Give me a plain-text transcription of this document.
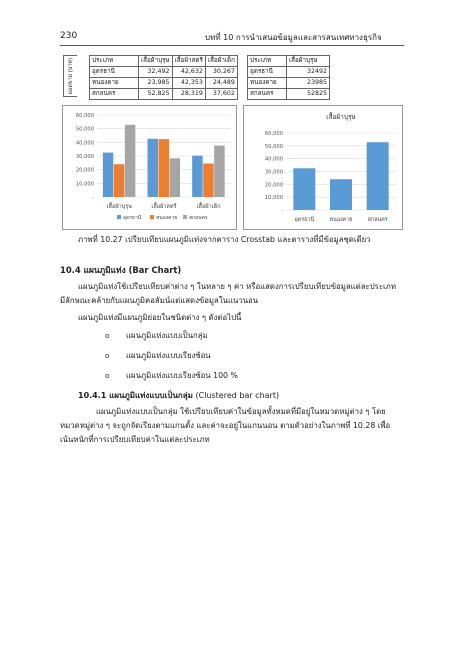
230	บทที่ 10 การนำเสนอข้อมูลและสารสนเทศทางธุรกิจ
ยอดขาย (บาท)	ประเภท	เสื้อผ้าบุรุษ	เสื้อผ้าสตรี	เสื้อผ้าเด็ก
อุดรธานี	32,492	42,632	30,267
หนองคาย	23,985	42,353	24,489
สกลนคร	52,825	28,319	37,602
ประเภท	เสื้อผ้าบุรุษ
อุดรธานี	32492
หนองคาย	23985
สกลนคร	52825
60,000
50,000
40,000
30,000
20,000
10,000
-
เสื้อผ้าบุรุษ	เสื้อผ้าสตรี	เสื้อผ้าเด็ก
อุดรธานี	หนองคาย สกลนคร
เสื้อผ้าบุรุษ
60,000
50,000
40,000
30,000
20,000
10,000
-
อุดรธานี	หนองคาย	สกลนคร
ภาพที่ 10.27 เปรียบเทียบแผนภูมิแท่งจากตาราง Crosstab และตารางที่มีข้อมูลชุดเดียว
10.4 แผนภูมิแท่ง (Bar Chart)
แผนภูมิแท่งใช้เปรียบเทียบค่าต่าง ๆ ในหลาย ๆ ค่า หรือแสดงการเปรียบเทียบข้อมูลแต่ละประเภท
มีลักษณะคล้ายกับแผนภูมิคอลัมน์แต่แสดงข้อมูลในแนวนอน
แผนภูมิแท่งมีแผนภูมิย่อยในชนิดต่าง ๆ ดังต่อไปนี้
o แผนภูมิแท่งแบบเป็นกลุ่ม
o แผนภูมิแท่งแบบเรียงซ้อน
o แผนภูมิแท่งแบบเรียงซ้อน 100 %
10.4.1 แผนภูมิแท่งแบบเป็นกลุ่ม (Clustered bar chart)
แผนภูมิแท่งแบบเป็นกลุ่ม ใช้เปรียบเทียบค่าในข้อมูลทั้งหมดที่มีอยู่ในหมวดหมู่ต่าง ๆ โดย
หมวดหมู่ต่าง ๆ จะถูกจัดเรียงตามแกนตั้ง และค่าจะอยู่ในแกนนอน ตามตัวอย่างในภาพที่ 10.28 เพื่อ
เน้นหนักที่การเปรียบเทียบค่าในแต่ละประเภท
